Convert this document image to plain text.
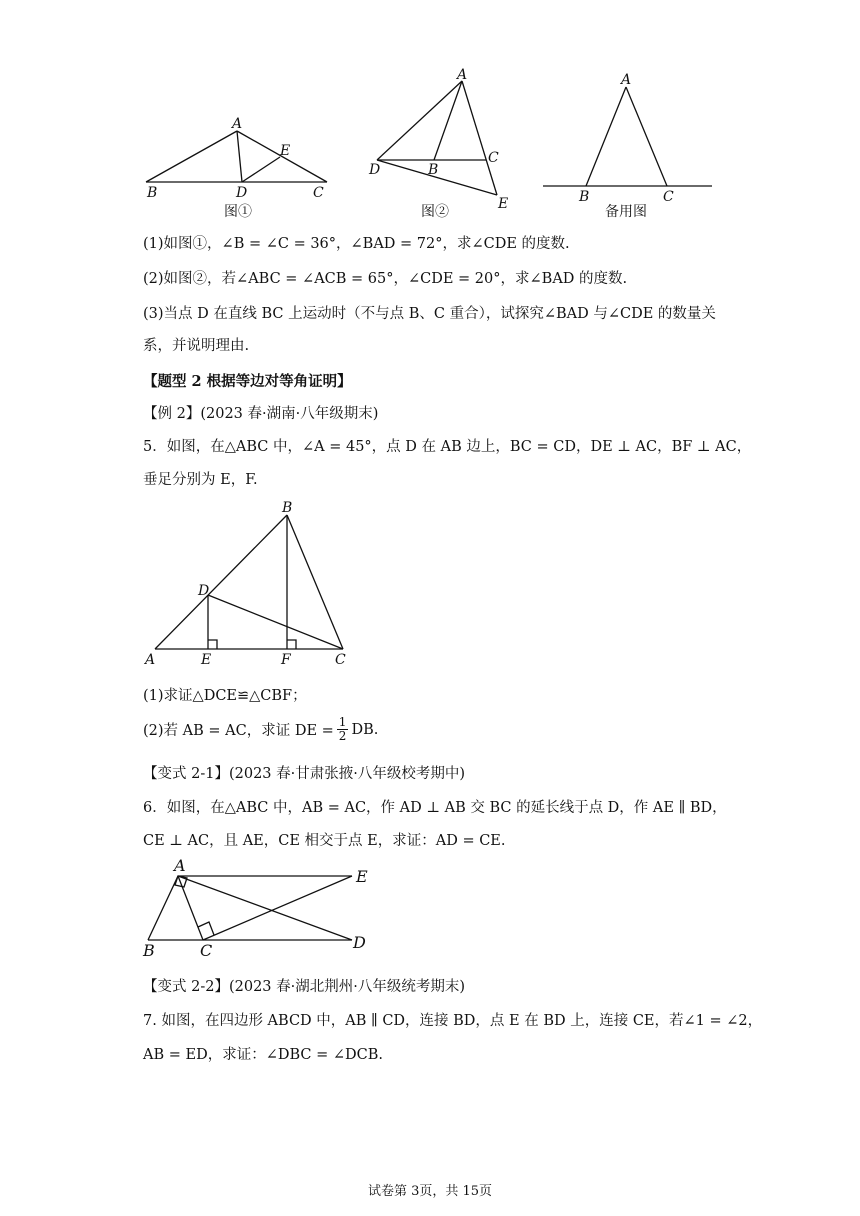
A
B	C
D
E
图①
A
B
C
D
E
图②
A
B	C
备用图
(1)如图①，∠B = ∠C = 36°，∠BAD = 72°，求∠CDE 的度数.
(2)如图②，若∠ABC = ∠ACB = 65°，∠CDE = 20°，求∠BAD 的度数.
(3)当点 D 在直线 BC 上运动时（不与点 B、C 重合），试探究∠BAD 与∠CDE 的数量关
系，并说明理由.
【题型 2 根据等边对等角证明】
【例 2】(2023 春·湖南·八年级期末)
5．如图，在△ABC 中，∠A = 45°，点 D 在 AB 边上，BC = CD，DE ⊥ AC，BF ⊥ AC，
垂足分别为 E，F.
A
B
C
D
E	F
(1)求证△DCE≌△CBF；
(2)若 AB = AC，求证 DE = $\frac{1}{2}$ DB.
【变式 2-1】(2023 春·甘肃张掖·八年级校考期中)
6．如图，在△ABC 中，AB = AC，作 AD ⊥ AB 交 BC 的延长线于点 D，作 AE ∥ BD，
CE ⊥ AC，且 AE，CE 相交于点 E，求证：AD = CE.
A
B	C	D
E
【变式 2-2】(2023 春·湖北荆州·八年级统考期末)
7. 如图，在四边形 ABCD 中，AB ∥ CD，连接 BD，点 E 在 BD 上，连接 CE，若∠1 = ∠2，
AB = ED，求证：∠DBC = ∠DCB.
试卷第 3页，共 15页
